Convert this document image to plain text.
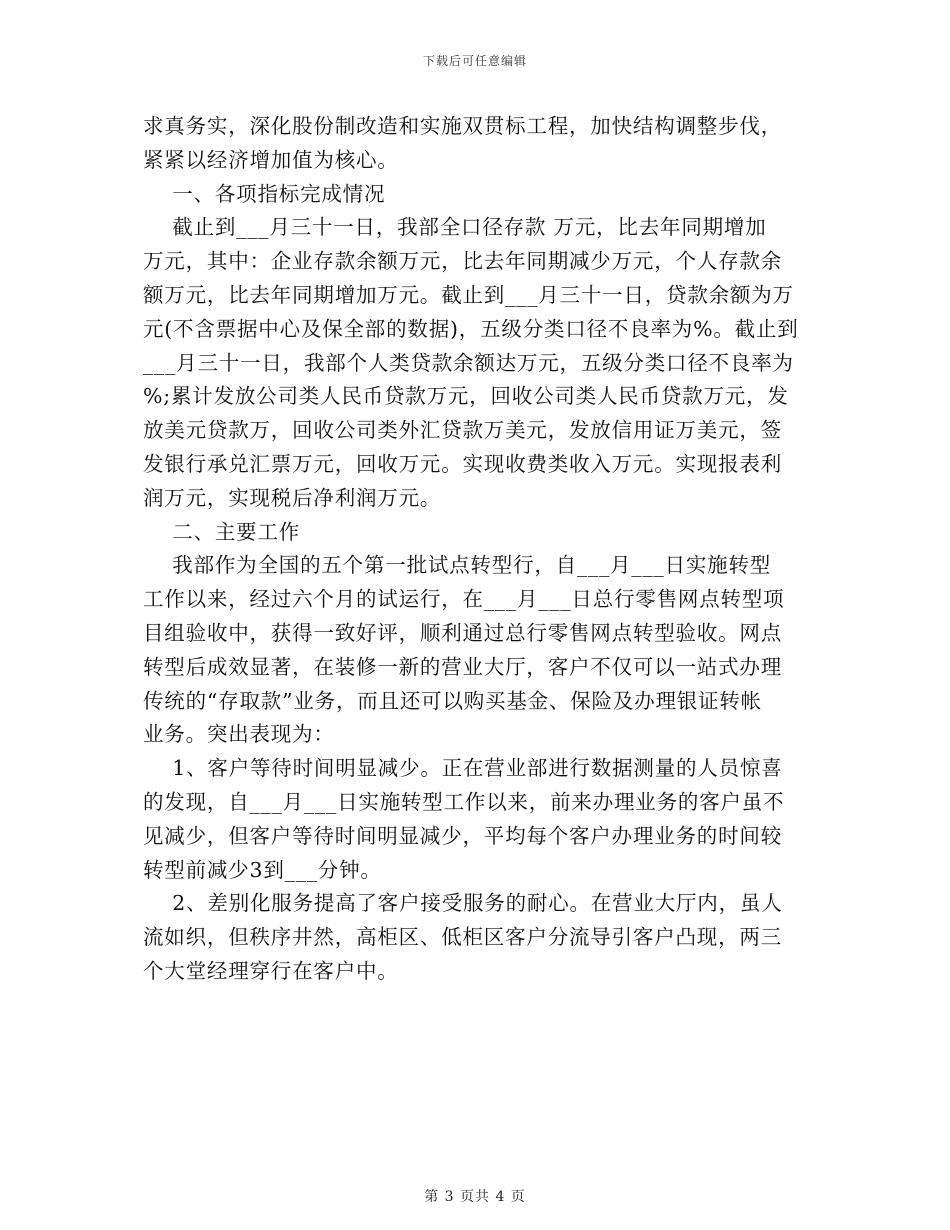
下载后可任意编辑
求真务实，深化股份制改造和实施双贯标工程，加快结构调整步伐，
紧紧以经济增加值为核心。
一、各项指标完成情况
截止到___月三十一日，我部全口径存款 万元，比去年同期增加
万元，其中：企业存款余额万元，比去年同期减少万元，个人存款余
额万元，比去年同期增加万元。截止到___月三十一日，贷款余额为万
元(不含票据中心及保全部的数据)，五级分类口径不良率为%。截止到
___月三十一日，我部个人类贷款余额达万元，五级分类口径不良率为
%;累计发放公司类人民币贷款万元，回收公司类人民币贷款万元，发
放美元贷款万，回收公司类外汇贷款万美元，发放信用证万美元，签
发银行承兑汇票万元，回收万元。实现收费类收入万元。实现报表利
润万元，实现税后净利润万元。
二、主要工作
我部作为全国的五个第一批试点转型行，自___月___日实施转型
工作以来，经过六个月的试运行，在___月___日总行零售网点转型项
目组验收中，获得一致好评，顺利通过总行零售网点转型验收。网点
转型后成效显著，在装修一新的营业大厅，客户不仅可以一站式办理
传统的“存取款”业务，而且还可以购买基金、保险及办理银证转帐
业务。突出表现为：
1、客户等待时间明显减少。正在营业部进行数据测量的人员惊喜
的发现，自___月___日实施转型工作以来，前来办理业务的客户虽不
见减少，但客户等待时间明显减少，平均每个客户办理业务的时间较
转型前减少3到___分钟。
2、差别化服务提高了客户接受服务的耐心。在营业大厅内，虽人
流如织，但秩序井然，高柜区、低柜区客户分流导引客户凸现，两三
个大堂经理穿行在客户中。
第 3 页共 4 页
